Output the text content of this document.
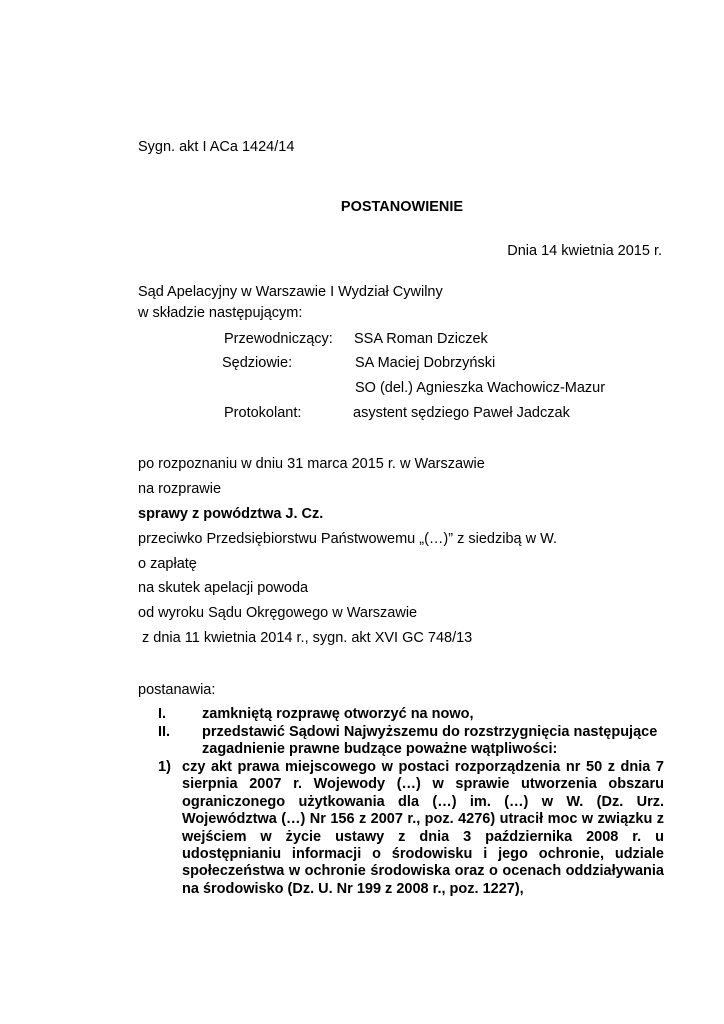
Sygn. akt I ACa 1424/14
POSTANOWIENIE
Dnia 14 kwietnia 2015 r.
Sąd Apelacyjny w Warszawie I Wydział Cywilny
w składzie następującym:
Przewodniczący: SSA Roman Dziczek
Sędziowie:	SA Maciej Dobrzyński
SO (del.) Agnieszka Wachowicz-Mazur
Protokolant:	asystent sędziego Paweł Jadczak
po rozpoznaniu w dniu 31 marca 2015 r. w Warszawie
na rozprawie
sprawy z powództwa J. Cz.
przeciwko Przedsiębiorstwu Państwowemu „(…)” z siedzibą w W.
o zapłatę
na skutek apelacji powoda
od wyroku Sądu Okręgowego w Warszawie
z dnia 11 kwietnia 2014 r., sygn. akt XVI GC 748/13
postanawia:
I. zamkniętą rozprawę otworzyć na nowo,
II. przedstawić Sądowi Najwyższemu do rozstrzygnięcia następujące
zagadnienie prawne budzące poważne wątpliwości:
1) czy akt prawa miejscowego w postaci rozporządzenia nr 50 z dnia 7

sierpnia 2007 r. Wojewody (…) w sprawie utworzenia obszaru

ograniczonego użytkowania dla (…) im. (…) w W. (Dz. Urz.

Województwa (…) Nr 156 z 2007 r., poz. 4276) utracił moc w związku z

wejściem w życie ustawy z dnia 3 października 2008 r. u

udostępnianiu informacji o środowisku i jego ochronie, udziale

społeczeństwa w ochronie środowiska oraz o ocenach oddziaływania

na środowisko (Dz. U. Nr 199 z 2008 r., poz. 1227),
